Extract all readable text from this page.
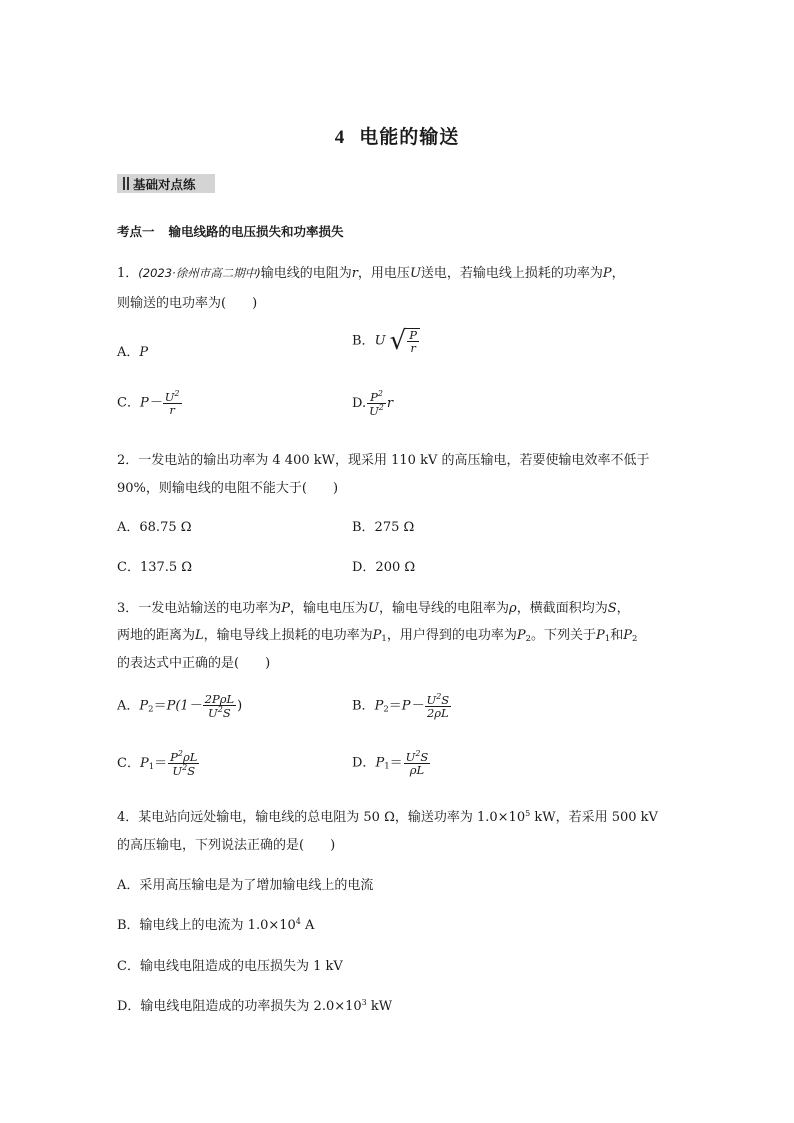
4 电能的输送
基础对点练
考点一 输电线路的电压损失和功率损失
1．(2023·徐州市高二期中)输电线的电阻为r，用电压U送电，若输电线上损耗的功率为P，
则输送的电功率为(　　)
A．P
B．U √ $\frac{P}{r}$
C．$P- \frac{U^2}{r}$	D. $\frac{P^2}{U^2}$ r
2．一发电站的输出功率为 4 400 kW，现采用 110 kV 的高压输电，若要使输电效率不低于
90%，则输电线的电阻不能大于(　　)
A．68.75 Ω	B．275 Ω
C．137.5 Ω	D．200 Ω
3．一发电站输送的电功率为P，输电电压为U，输电导线的电阻率为ρ，横截面积均为S，
两地的距离为L，输电导线上损耗的电功率为$P_1$，用户得到的电功率为$P_2$。下列关于$P_1$和$P_2$
的表达式中正确的是(　　)
A．$P_2=P(1- \frac{\text{2PρL}}{U^2S}$ )	B．$P_2=P- \frac{U^2S}{2\rho L}$
C．$P_1= \frac{P^2\rho L}{U^2S}$	D．$P_1= \frac{U^2S}{\rho L}$
4．某电站向远处输电，输电线的总电阻为 50 Ω，输送功率为 $1.0\times 10^5$ kW，若采用 500 kV
的高压输电，下列说法正确的是(　　)
A．采用高压输电是为了增加输电线上的电流
B．输电线上的电流为 $1.0\times 10^4$ A
C．输电线电阻造成的电压损失为 1 kV
D．输电线电阻造成的功率损失为 $2.0\times 10^3$ kW
